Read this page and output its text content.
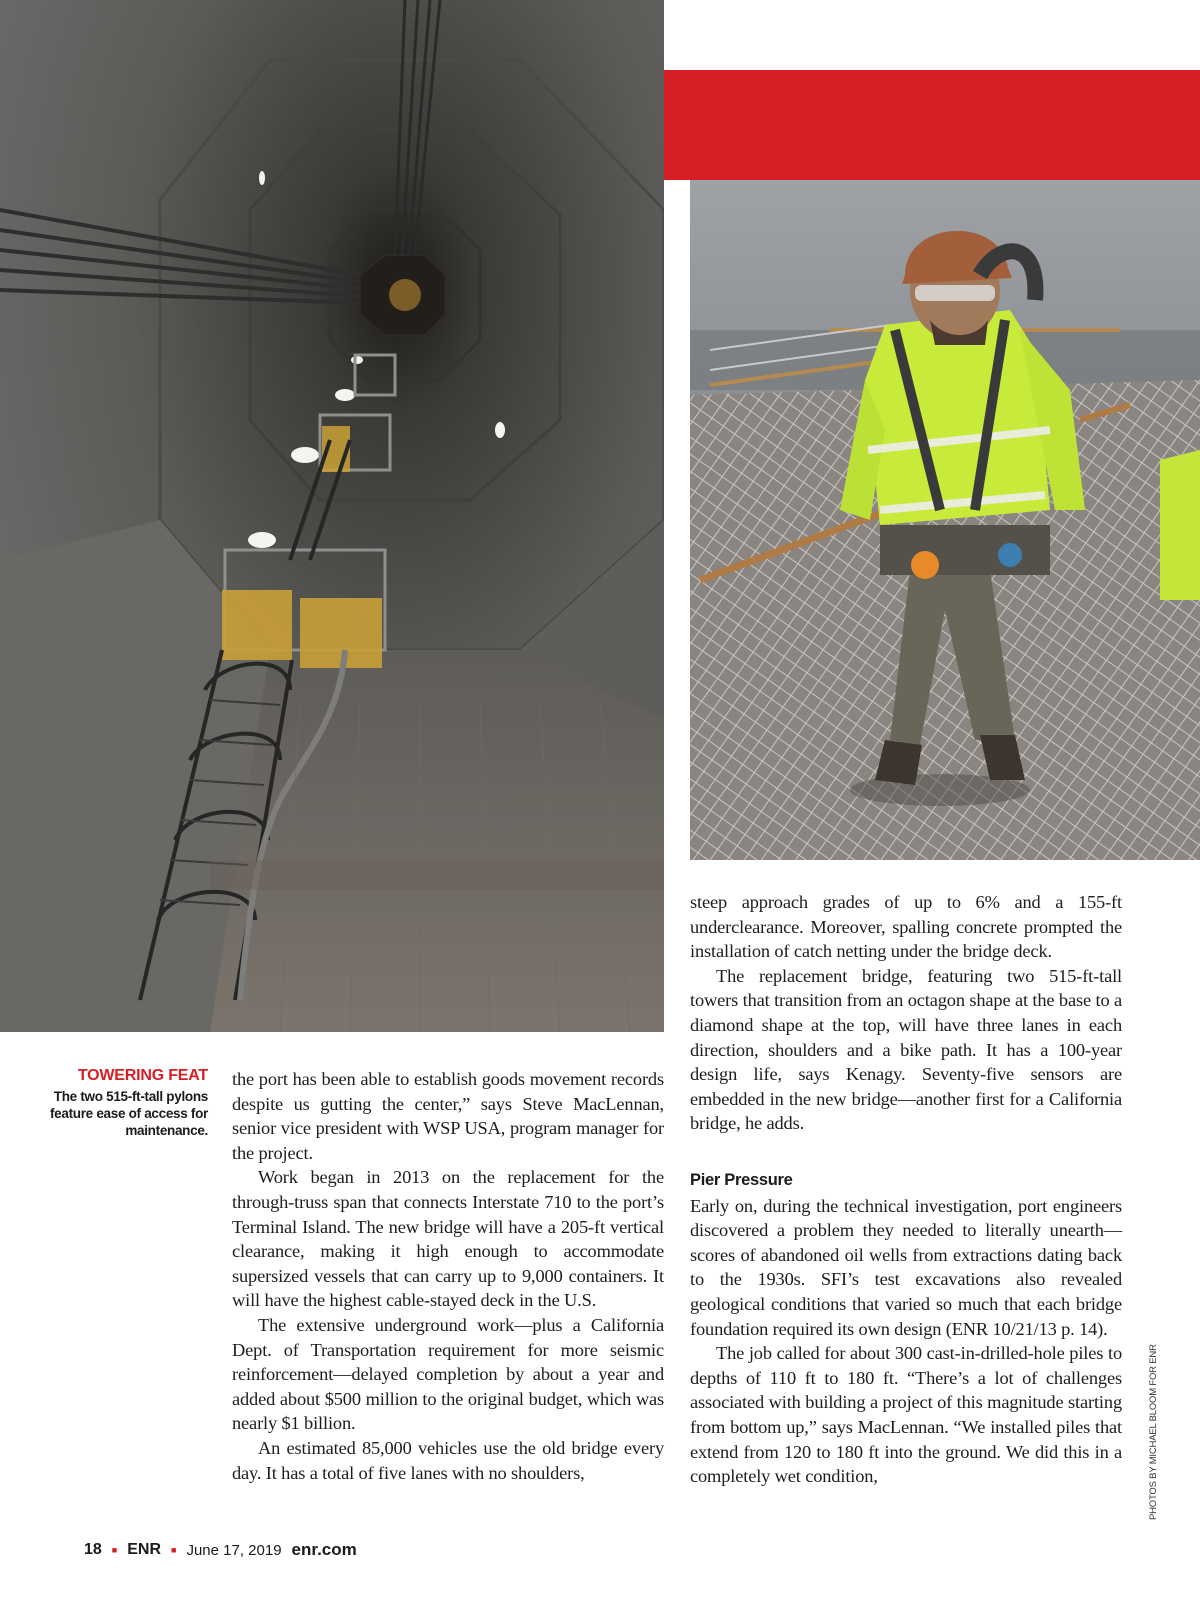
TOWERING FEAT
The two 515-ft-tall pylons feature ease of access for maintenance.

the port has been able to establish goods movement records despite us gutting the center,” says Steve MacLennan, senior vice president with WSP USA, program manager for the project.

Work began in 2013 on the replacement for the through-truss span that connects Interstate 710 to the port’s Terminal Island. The new bridge will have a 205-ft vertical clearance, making it high enough to accommodate supersized vessels that can carry up to 9,000 containers. It will have the highest cable-stayed deck in the U.S.

The extensive underground work—plus a California Dept. of Transportation requirement for more seismic reinforcement—delayed completion by about a year and added about $500 million to the original budget, which was nearly $1 billion.

An estimated 85,000 vehicles use the old bridge every day. It has a total of five lanes with no shoulders,

steep approach grades of up to 6% and a 155-ft underclearance. Moreover, spalling concrete prompted the installation of catch netting under the bridge deck.

The replacement bridge, featuring two 515-ft-tall towers that transition from an octagon shape at the base to a diamond shape at the top, will have three lanes in each direction, shoulders and a bike path. It has a 100-year design life, says Kenagy. Seventy-five sensors are embedded in the new bridge—another first for a California bridge, he adds.

Pier Pressure

Early on, during the technical investigation, port engineers discovered a problem they needed to literally unearth—scores of abandoned oil wells from extractions dating back to the 1930s. SFI’s test excavations also revealed geological conditions that varied so much that each bridge foundation required its own design (ENR 10/21/13 p. 14).

The job called for about 300 cast-in-drilled-hole piles to depths of 110 ft to 180 ft. “There’s a lot of challenges associated with building a project of this magnitude starting from bottom up,” says MacLennan. “We installed piles that extend from 120 to 180 ft into the ground. We did this in a completely wet condition,	PHOTOS BY MICHAEL BLOOM FOR ENR
18 ■ ENR ■ June 17, 2019 enr.com
